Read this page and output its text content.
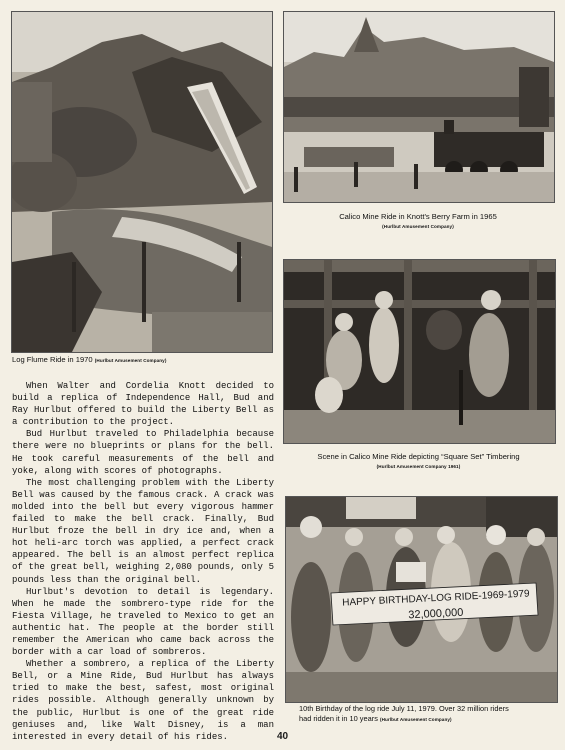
Log Flume Ride in 1970 (Hurlbut Amusement Company)
Calico Mine Ride in Knott's Berry Farm in 1965
(Hurlbut Amusement Company)
Scene in Calico Mine Ride depicting “Square Set” Timbering
(Hurlbut Amusement Company 1961)
HAPPY BIRTHDAY-LOG RIDE-1969-1979
32,000,000
10th Birthday of the log ride July 11, 1979. Over 32 million riders
had ridden it in 10 years (Hurlbut Amusement Company)

When Walter and Cordelia Knott decided to build a replica of Independence Hall, Bud and Ray Hurlbut offered to build the Liberty Bell as a contribution to the project.

Bud Hurlbut traveled to Philadelphia because there were no blueprints or plans for the bell. He took careful measurements of the bell and yoke, along with scores of photographs.

The most challenging problem with the Liberty Bell was caused by the famous crack. A crack was molded into the bell but every vigorous hammer failed to make the bell crack. Finally, Bud Hurlbut froze the bell in dry ice and, when a hot heli-arc torch was applied, a perfect crack appeared. The bell is an almost perfect replica of the great bell, weighing 2,080 pounds, only 5 pounds less than the original bell.

Hurlbut's devotion to detail is legendary. When he made the sombrero-type ride for the Fiesta Village, he traveled to Mexico to get an authentic hat. The people at the border still remember the American who came back across the border with a car load of sombreros.

Whether a sombrero, a replica of the Liberty Bell, or a Mine Ride, Bud Hurlbut has always tried to make the best, safest, most original rides possible. Although generally unknown by the public, Hurlbut is one of the great ride geniuses and, like Walt Disney, is a man interested in every detail of his rides.	40
